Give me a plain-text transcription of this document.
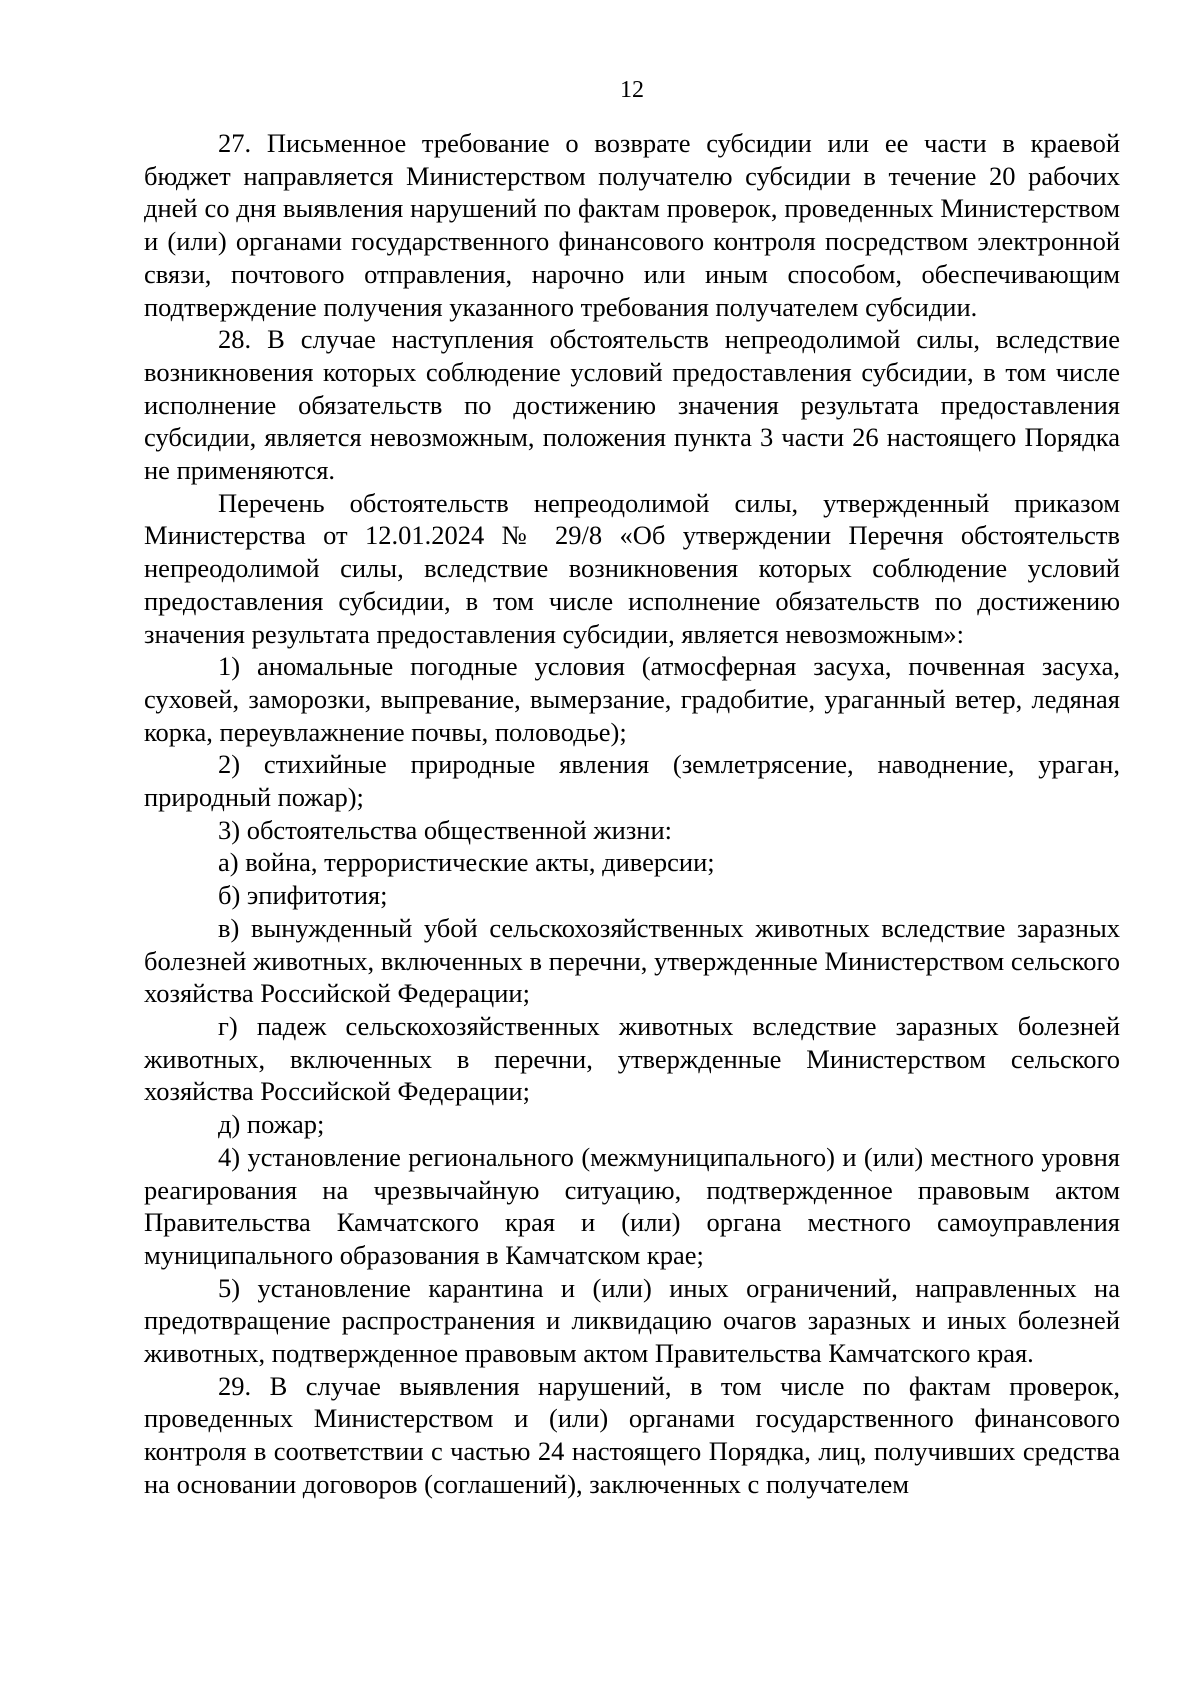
12

27. Письменное требование о возврате субсидии или ее части в краевой бюджет направляется Министерством получателю субсидии в течение 20 рабочих дней со дня выявления нарушений по фактам проверок, проведенных Министерством и (или) органами государственного финансового контроля посредством электронной связи, почтового отправления, нарочно или иным способом, обеспечивающим подтверждение получения указанного требования получателем субсидии.

28. В случае наступления обстоятельств непреодолимой силы, вследствие возникновения которых соблюдение условий предоставления субсидии, в том числе исполнение обязательств по достижению значения результата предоставления субсидии, является невозможным, положения пункта 3 части 26 настоящего Порядка не применяются.

Перечень обстоятельств непреодолимой силы, утвержденный приказом Министерства от 12.01.2024 № 29/8 «Об утверждении Перечня обстоятельств непреодолимой силы, вследствие возникновения которых соблюдение условий предоставления субсидии, в том числе исполнение обязательств по достижению значения результата предоставления субсидии, является невозможным»:

1) аномальные погодные условия (атмосферная засуха, почвенная засуха, суховей, заморозки, выпревание, вымерзание, градобитие, ураганный ветер, ледяная корка, переувлажнение почвы, половодье);

2) стихийные природные явления (землетрясение, наводнение, ураган, природный пожар);

3) обстоятельства общественной жизни:

а) война, террористические акты, диверсии;

б) эпифитотия;

в) вынужденный убой сельскохозяйственных животных вследствие заразных болезней животных, включенных в перечни, утвержденные Министерством сельского хозяйства Российской Федерации;

г) падеж сельскохозяйственных животных вследствие заразных болезней животных, включенных в перечни, утвержденные Министерством сельского хозяйства Российской Федерации;

д) пожар;

4) установление регионального (межмуниципального) и (или) местного уровня реагирования на чрезвычайную ситуацию, подтвержденное правовым актом Правительства Камчатского края и (или) органа местного самоуправления муниципального образования в Камчатском крае;

5) установление карантина и (или) иных ограничений, направленных на предотвращение распространения и ликвидацию очагов заразных и иных болезней животных, подтвержденное правовым актом Правительства Камчатского края.

29. В случае выявления нарушений, в том числе по фактам проверок, проведенных Министерством и (или) органами государственного финансового контроля в соответствии с частью 24 настоящего Порядка, лиц, получивших средства на основании договоров (соглашений), заключенных с получателем
